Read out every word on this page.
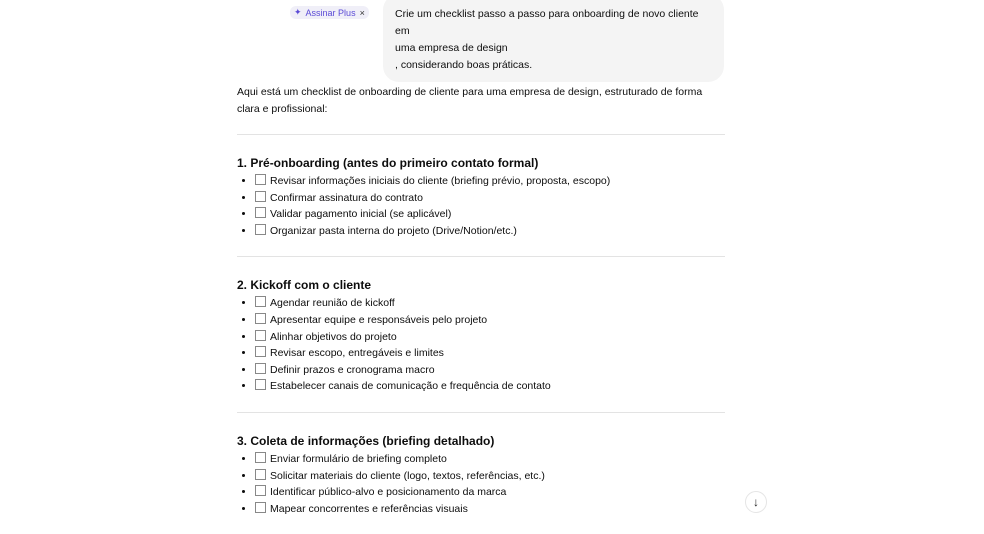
Crie um checklist passo a passo para onboarding de novo cliente em
uma empresa de design
, considerando boas práticas.
✦ Assinar Plus ×

Aqui está um checklist de onboarding de cliente para uma empresa de design, estruturado de forma clara e profissional:

1. Pré-onboarding (antes do primeiro contato formal)
• Revisar informações iniciais do cliente (briefing prévio, proposta, escopo)
• Confirmar assinatura do contrato
• Validar pagamento inicial (se aplicável)
• Organizar pasta interna do projeto (Drive/Notion/etc.)
2. Kickoff com o cliente
• Agendar reunião de kickoff
• Apresentar equipe e responsáveis pelo projeto
• Alinhar objetivos do projeto
• Revisar escopo, entregáveis e limites
• Definir prazos e cronograma macro
• Estabelecer canais de comunicação e frequência de contato
3. Coleta de informações (briefing detalhado)
• Enviar formulário de briefing completo
• Solicitar materiais do cliente (logo, textos, referências, etc.)
• Identificar público-alvo e posicionamento da marca
• Mapear concorrentes e referências visuais	↓
